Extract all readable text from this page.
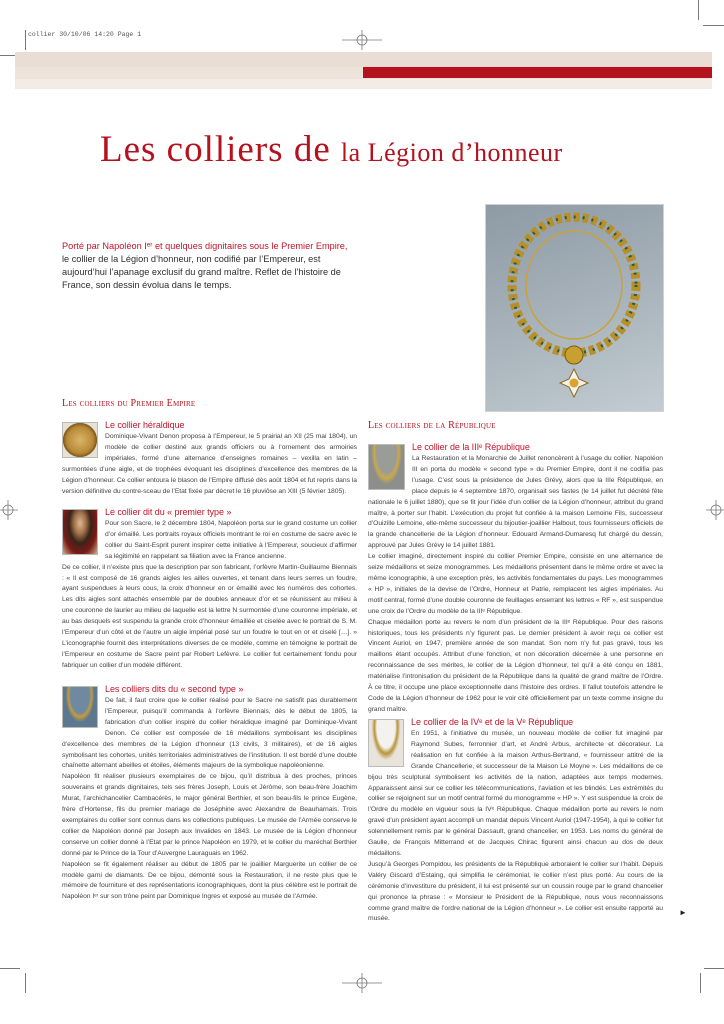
collier 30/10/06 14:20 Page 1
Les colliers de la Légion d’honneur
Porté par Napoléon Iᵉʳ et quelques dignitaires sous le Premier Empire,
le collier de la Légion d’honneur, non codifié par l’Empereur, est aujourd’hui l’apanage exclusif du grand maître. Reflet de l’histoire de France, son dessin évolua dans le temps.
Les colliers du Premier Empire
Le collier héraldique

Dominique-Vivant Denon proposa à l’Empereur, le 5 prairial an XII (25 mai 1804), un modèle de collier destiné aux grands officiers ou à l’ornement des armoiries impériales, formé d’une alternance d’enseignes romaines – vexilla en latin – surmontées d’une aigle, et de trophées évoquant les disciplines d’excellence des membres de la Légion d’honneur. Ce collier entoura le blason de l’Empire diffusé dès août 1804 et fut repris dans la version définitive du contre-sceau de l’Etat fixée par décret le 16 pluviôse an XIII (5 février 1805).

Le collier dit du « premier type »

Pour son Sacre, le 2 décembre 1804, Napoléon porta sur le grand costume un collier d’or émaillé. Les portraits royaux officiels montrant le roi en costume de sacre avec le collier du Saint-Esprit purent inspirer cette initiative à l’Empereur, soucieux d’affirmer sa légitimité en rappelant sa filiation avec la France ancienne.

De ce collier, il n’existe plus que la description par son fabricant, l’orfèvre Martin-Guillaume Biennais : « Il est composé de 16 grands aigles les ailles ouvertes, et tenant dans leurs serres un foudre, ayant suspendues à leurs cous, la croix d’honneur en or émaillé avec les numéros des cohortes. Les dits aigles sont attachés ensemble par de doubles anneaux d’or et se réunissent au milieu à une couronne de laurier au milieu de laquelle est la lettre N surmontée d’une couronne impériale, et au bas desquels est suspendu la grande croix d’honneur émaillée et ciselée avec le portrait de S. M. l’Empereur d’un côté et de l’autre un aigle impérial posé sur un foudre le tout en or et ciselé […]. » L’iconographie fournit des interprétations diverses de ce modèle, comme en témoigne le portrait de l’Empereur en costume de Sacre peint par Robert Lefèvre. Le collier fut certainement fondu pour fabriquer un collier d’un modèle différent.

Les colliers dits du « second type »

De fait, il faut croire que le collier réalisé pour le Sacre ne satisfit pas durablement l’Empereur, puisqu’il commanda à l’orfèvre Biennais, dès le début de 1805, la fabrication d’un collier inspiré du collier héraldique imaginé par Dominique-Vivant Denon. Ce collier est composée de 16 médaillons symbolisant les disciplines d’excellence des membres de la Légion d’honneur (13 civils, 3 militaires), et de 16 aigles symbolisant les cohortes, unités territoriales administratives de l’institution. Il est bordé d’une double chaînette alternant abeilles et étoiles, éléments majeurs de la symbolique napoléonienne.

Napoléon fit réaliser plusieurs exemplaires de ce bijou, qu’il distribua à des proches, princes souverains et grands dignitaires, tels ses frères Joseph, Louis et Jérôme, son beau-frère Joachim Murat, l’archichancelier Cambacérès, le major général Berthier, et son beau-fils le prince Eugène, frère d’Hortense, fils du premier mariage de Joséphine avec Alexandre de Beauharnais. Trois exemplaires du collier sont connus dans les collections publiques. Le musée de l’Armée conserve le collier de Napoléon donné par Joseph aux Invalides en 1843. Le musée de la Légion d’honneur conserve un collier donné à l’Etat par le prince Napoléon en 1979, et le collier du maréchal Berthier donné par le Prince de la Tour d’Auvergne Lauraguais en 1962.

Napoléon se fit également réaliser au début de 1805 par le joaillier Marguerite un collier de ce modèle garni de diamants. De ce bijou, démonté sous la Restauration, il ne reste plus que le mémoire de fourniture et des représentations iconographiques, dont la plus célèbre est le portrait de Napoléon Iᵉʳ sur son trône peint par Dominique Ingres et exposé au musée de l’Armée.

Les colliers de la République
Le collier de la IIIᵉ République

La Restauration et la Monarchie de Juillet renoncèrent à l’usage du collier. Napoléon III en porta du modèle « second type » du Premier Empire, dont il ne codifia pas l’usage. C’est sous la présidence de Jules Grévy, alors que la IIIe République, en place depuis le 4 septembre 1870, organisait ses fastes (le 14 juillet fut décrété fête nationale le 6 juillet 1880), que se fit jour l’idée d’un collier de la Légion d’honneur, attribut du grand maître, à porter sur l’habit. L’exécution du projet fut confiée à la maison Lemoine Fils, successeur d’Ouizille Lemoine, elle-même successeur du bijoutier-joaillier Halbout, tous fournisseurs officiels de la grande chancellerie de la Légion d’honneur. Edouard Armand-Dumaresq fut chargé du dessin, approuvé par Jules Grévy le 14 juillet 1881.

Le collier imaginé, directement inspiré du collier Premier Empire, consiste en une alternance de seize médaillons et seize monogrammes. Les médaillons présentent dans le même ordre et avec la même iconographie, à une exception près, les activités fondamentales du pays. Les monogrammes « HP », initiales de la devise de l’Ordre, Honneur et Patrie, remplacent les aigles impériales. Au motif central, formé d’une double couronne de feuillages enserrant les lettres « RF », est suspendue une croix de l’Ordre du modèle de la IIIᵉ République.

Chaque médaillon porte au revers le nom d’un président de la IIIᵉ République. Pour des raisons historiques, tous les présidents n’y figurent pas. Le dernier président à avoir reçu ce collier est Vincent Auriol, en 1947, première année de son mandat. Son nom n’y fut pas gravé, tous les maillons étant occupés. Attribut d’une fonction, et non décoration décernée à une personne en reconnaissance de ses mérites, le collier de la Légion d’honneur, tel qu’il a été conçu en 1881, matérialise l’intronisation du président de la République dans la qualité de grand maître de l’Ordre. À ce titre, il occupe une place exceptionnelle dans l’histoire des ordres. Il fallut toutefois attendre le Code de la Légion d’honneur de 1962 pour le voir cité officiellement par un texte comme insigne du grand maître.

Le collier de la IVᵉ et de la Vᵉ République

En 1951, à l’initiative du musée, un nouveau modèle de collier fut imaginé par Raymond Subes, ferronnier d’art, et André Arbus, architecte et décorateur. La réalisation en fut confiée à la maison Arthus-Bertrand, « fournisseur attitré de la Grande Chancellerie, et successeur de la Maison Le Moyne ». Les médaillons de ce bijou très sculptural symbolisent les activités de la nation, adaptées aux temps modernes. Apparaissent ainsi sur ce collier les télécommunications, l’aviation et les blindés. Les extrémités du collier se rejoignent sur un motif central formé du monogramme « HP ». Y est suspendue la croix de l’Ordre du modèle en vigueur sous la IVᵉ République. Chaque médaillon porte au revers le nom gravé d’un président ayant accompli un mandat depuis Vincent Auriol (1947-1954), à qui le collier fut solennellement remis par le général Dassault, grand chancelier, en 1953. Les noms du général de Gaulle, de François Mitterrand et de Jacques Chirac figurent ainsi chacun au dos de deux médaillons.

Jusqu’à Georges Pompidou, les présidents de la République arboraient le collier sur l’habit. Depuis Valéry Giscard d’Estaing, qui simplifia le cérémonial, le collier n’est plus porté. Au cours de la cérémonie d’investiture du président, il lui est présenté sur un coussin rouge par le grand chancelier qui prononce la phrase : « Monsieur le Président de la République, nous vous reconnaissons comme grand maître de l’ordre national de la Légion d’honneur ». Le collier est ensuite rapporté au musée.

►
